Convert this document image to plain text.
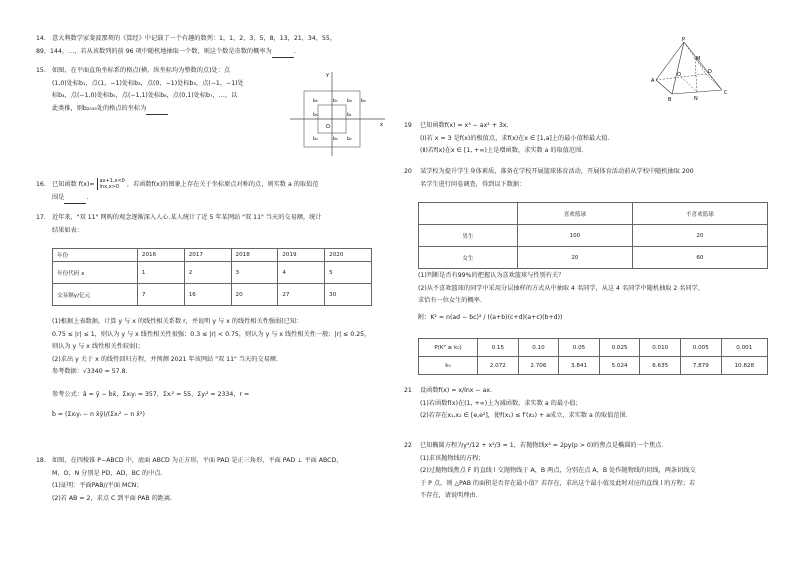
14. 意大利数学家斐波那契的《算经》中记载了一个有趣的数列：1，1，2，3，5，8，13，21，34，55，
89，144，…，若从该数列的前 96 项中随机地抽取一个数，则这个数是奇数的概率为	.
15. 如图，在平面直角坐标系的格点(横、纵坐标均为整数的点)处：点
(1,0)处标b₁，点(1，−1)处标b₂，点(0，−1)处标b₃，点(−1，−1)处
标b₄，点(−1,0)处标b₅，点(−1,1)处标b₆，点(0,1)处标b₇，…，以
此类推，则b₂₀₁₉处的格点的坐标为
y
x
O
b₁
b₂
b₃
b₄
b₅
b₆	b₇ b₈ b₉
16. 已知函数 f(x)= ax+1,x<0
lnx,x>0	，若函数f(x)的图象上存在关于坐标原点对称的点，则实数 a 的取值范
围是	.
17. 近年来，"双 11" 网购的观念逐渐深入人心.某人统计了近 5 年某网站 "双 11" 当天的交易额，统计
结果如表：
年份	2016	2017	2018	2019	2020
年份代码 x	1	2	3	4	5
交易额y/亿元	7	16	20	27	30
(1)根据上表数据，计算 y 与 x 的线性相关系数 r，并说明 y 与 x 的线性相关性强弱(已知：
0.75 ≤ |r| ≤ 1，则认为 y 与 x 线性相关性很强；0.3 ≤ |r| < 0.75，则认为 y 与 x 线性相关性一般；|r| ≤ 0.25，
则认为 y 与 x 线性相关性较弱)；
(2)求出 y 关于 x 的线性回归方程，并预测 2021 年该网站 "双 11" 当天的交易额.
参考数据：√3340 ≈ 57.8.
参考公式：â = ȳ − b̂x̄，Σxᵢyᵢ = 357，Σxᵢ² = 55，Σyᵢ² = 2334，r =
b̂ = (Σxᵢyᵢ − n x̄ȳ)/(Σxᵢ² − n x̄²)
18. 如图，在四棱锥 P−ABCD 中，底面 ABCD 为正方形，平面 PAD 是正三角形，平面 PAD ⊥ 平面 ABCD，
M，O，N 分别是 PD，AD，BC 的中点.
(1)证明：平面PAB//平面 MCN；
(2)若 AB = 2，求点 C 到平面 PAB 的距离.
P
M
A
B
C
D
O
N
19 已知函数f(x) = x³ − ax² + 3x.
(Ⅰ)若 x = 3 是f(x)的极值点，求f(x)在x ∈ [1,a]上的最小值和最大值.
(Ⅱ)若f(x)在x ∈ [1, +∞)上是增函数，求实数 a 的取值范围.
20 某学校为提升学生身体素质，准备在学校开展篮球体育活动，开展体育活动前从学校中随机抽取 200
名学生进行问卷调查，得到以下数据：
	喜欢篮球	不喜欢篮球
男生	100	20
女生	20	60
(1)判断是否有99%的把握认为喜欢篮球与性别有关？
(2)从不喜欢篮球的同学中采用分层抽样的方式从中抽取 4 名同学，从这 4 名同学中随机抽取 2 名同学，
求恰有一位女生的概率.
附：K² = n(ad − bc)² / ((a+b)(c+d)(a+c)(b+d))
P(K² ≥ k₀)	0.15	0.10	0.05	0.025	0.010	0.005	0.001
k₀	2.072	2.706	3.841	5.024	6.635	7.879	10.828
21 设函数f(x) = x/lnx − ax.
(1)若函数f(x)在(1, +∞)上为减函数，求实数 a 的最小值；
(2)若存在x₁,x₂ ∈ [e,e²]，使f(x₁) ≤ f′(x₂) + a成立，求实数 a 的取值范围.
22 已知椭圆方程为y²/12 + x²/3 = 1，若抛物线x² = 2py(p > 0)的焦点是椭圆的一个焦点.
(1)求该抛物线的方程；
(2)过抛物线焦点 F 的直线 l 交抛物线于 A，B 两点，分别在点 A，B 处作抛物线的切线，两条切线交
于 P 点，则 △PAB 的面积是否存在最小值？若存在，求出这个最小值及此时对应的直线 l 的方程；若
不存在，请说明理由.
